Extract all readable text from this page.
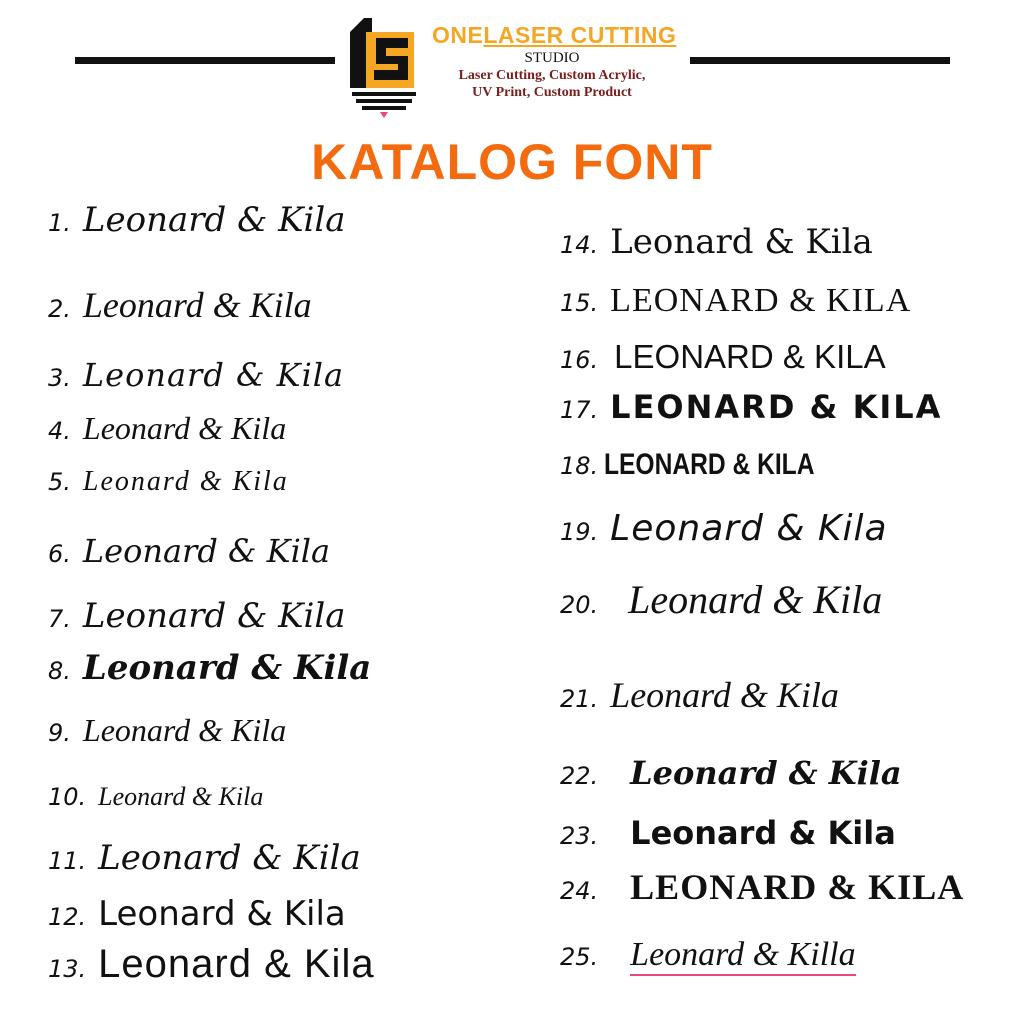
ONELASER CUTTING
STUDIO
Laser Cutting, Custom Acrylic,
UV Print, Custom Product
KATALOG FONT
1. Leonard & Kila
2. Leonard & Kila
3. Leonard & Kila
4. Leonard & Kila
5. Leonard & Kila
6. Leonard & Kila
7. Leonard & Kila
8. Leonard & Kila
9. Leonard & Kila
10. Leonard & Kila
11. Leonard & Kila
12. Leonard & Kila
13. Leonard & Kila
14. Leonard & Kila
15. LEONARD & KILA
16. LEONARD & KILA
17. LEONARD & KILA
18. LEONARD & KILA
19. Leonard & Kila
20. Leonard & Kila
21. Leonard & Kila
22. Leonard & Kila
23. Leonard & Kila
24. LEONARD & KILA
25. Leonard & Killa
